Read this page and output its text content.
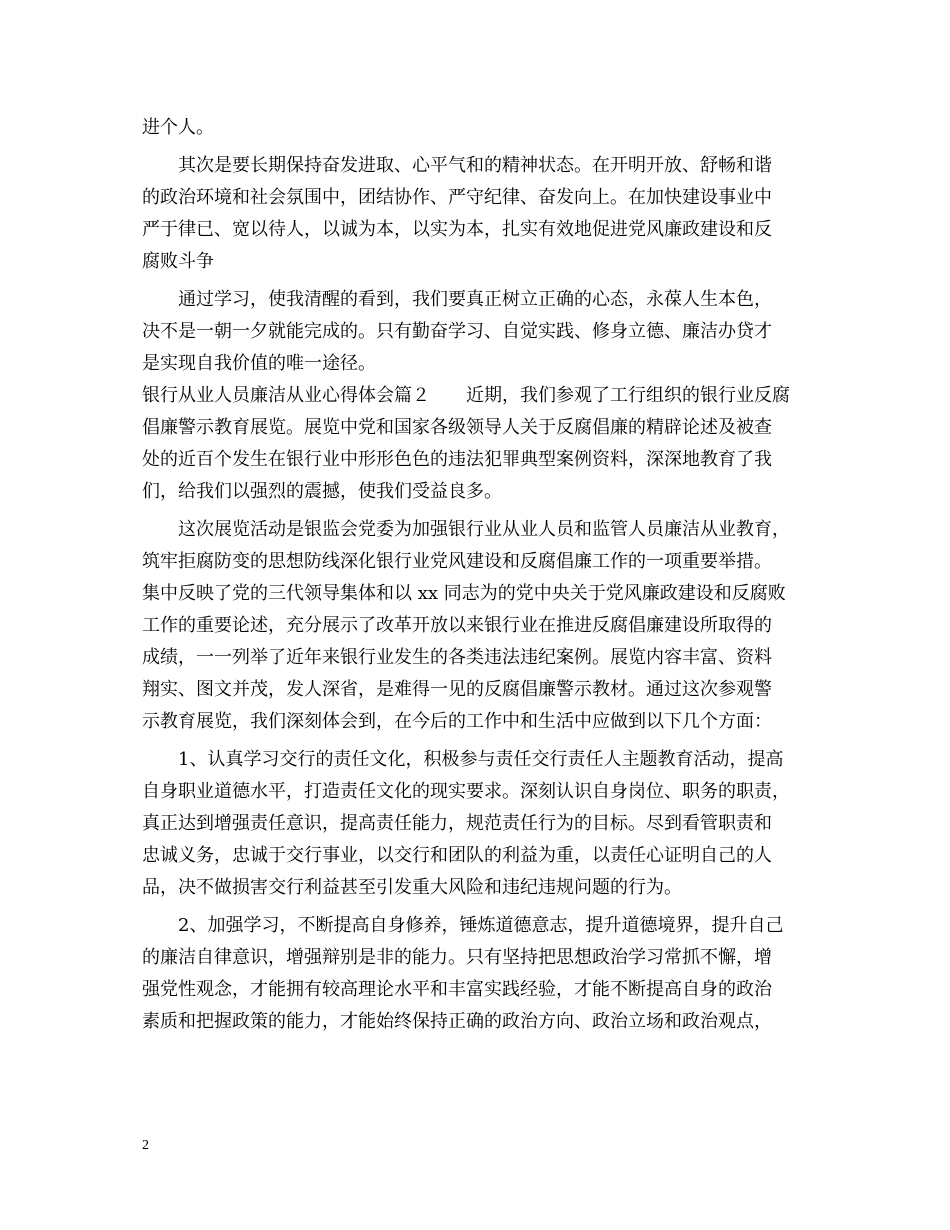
进个人。
　　其次是要长期保持奋发进取、心平气和的精神状态。在开明开放、舒畅和谐
的政治环境和社会氛围中，团结协作、严守纪律、奋发向上。在加快建设事业中
严于律已、宽以待人，以诚为本，以实为本，扎实有效地促进党风廉政建设和反
腐败斗争
　　通过学习，使我清醒的看到，我们要真正树立正确的心态，永葆人生本色，
决不是一朝一夕就能完成的。只有勤奋学习、自觉实践、修身立德、廉洁办贷才
是实现自我价值的唯一途径。
银行从业人员廉洁从业心得体会篇２　　近期，我们参观了工行组织的银行业反腐
倡廉警示教育展览。展览中党和国家各级领导人关于反腐倡廉的精辟论述及被查
处的近百个发生在银行业中形形色色的违法犯罪典型案例资料，深深地教育了我
们，给我们以强烈的震撼，使我们受益良多。
　　这次展览活动是银监会党委为加强银行业从业人员和监管人员廉洁从业教育，
筑牢拒腐防变的思想防线深化银行业党风建设和反腐倡廉工作的一项重要举措。
集中反映了党的三代领导集体和以 xx 同志为的党中央关于党风廉政建设和反腐败
工作的重要论述，充分展示了改革开放以来银行业在推进反腐倡廉建设所取得的
成绩，一一列举了近年来银行业发生的各类违法违纪案例。展览内容丰富、资料
翔实、图文并茂，发人深省，是难得一见的反腐倡廉警示教材。通过这次参观警
示教育展览，我们深刻体会到，在今后的工作中和生活中应做到以下几个方面：
　　1、认真学习交行的责任文化，积极参与责任交行责任人主题教育活动，提高
自身职业道德水平，打造责任文化的现实要求。深刻认识自身岗位、职务的职责，
真正达到增强责任意识，提高责任能力，规范责任行为的目标。尽到看管职责和
忠诚义务，忠诚于交行事业，以交行和团队的利益为重，以责任心证明自己的人
品，决不做损害交行利益甚至引发重大风险和违纪违规问题的行为。
　　2、加强学习，不断提高自身修养，锤炼道德意志，提升道德境界，提升自己
的廉洁自律意识，增强辩别是非的能力。只有坚持把思想政治学习常抓不懈，增
强党性观念，才能拥有较高理论水平和丰富实践经验，才能不断提高自身的政治
素质和把握政策的能力，才能始终保持正确的政治方向、政治立场和政治观点，
2
